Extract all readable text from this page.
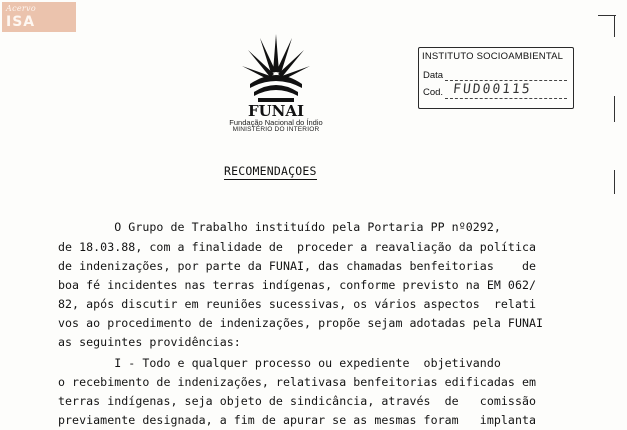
Acervo
ISA
FUNAI
Fundação Nacional do Índio
MINISTÉRIO DO INTERIOR
INSTITUTO SOCIOAMBIENTAL
Data
Cod. FUD00115
RECOMENDAÇOES
O Grupo de Trabalho instituído pela Portaria PP nº0292,
de 18.03.88, com a finalidade de  proceder a reavaliação da política
de indenizações, por parte da FUNAI, das chamadas benfeitorias    de
boa fé incidentes nas terras indígenas, conforme previsto na EM 062/
82, após discutir em reuniões sucessivas, os vários aspectos  relati
vos ao procedimento de indenizações, propõe sejam adotadas pela FUNAI
as seguintes providências:
I - Todo e qualquer processo ou expediente  objetivando
o recebimento de indenizações, relativasa benfeitorias edificadas em
terras indígenas, seja objeto de sindicância, através  de   comissão
previamente designada, a fim de apurar se as mesmas foram   implanta
